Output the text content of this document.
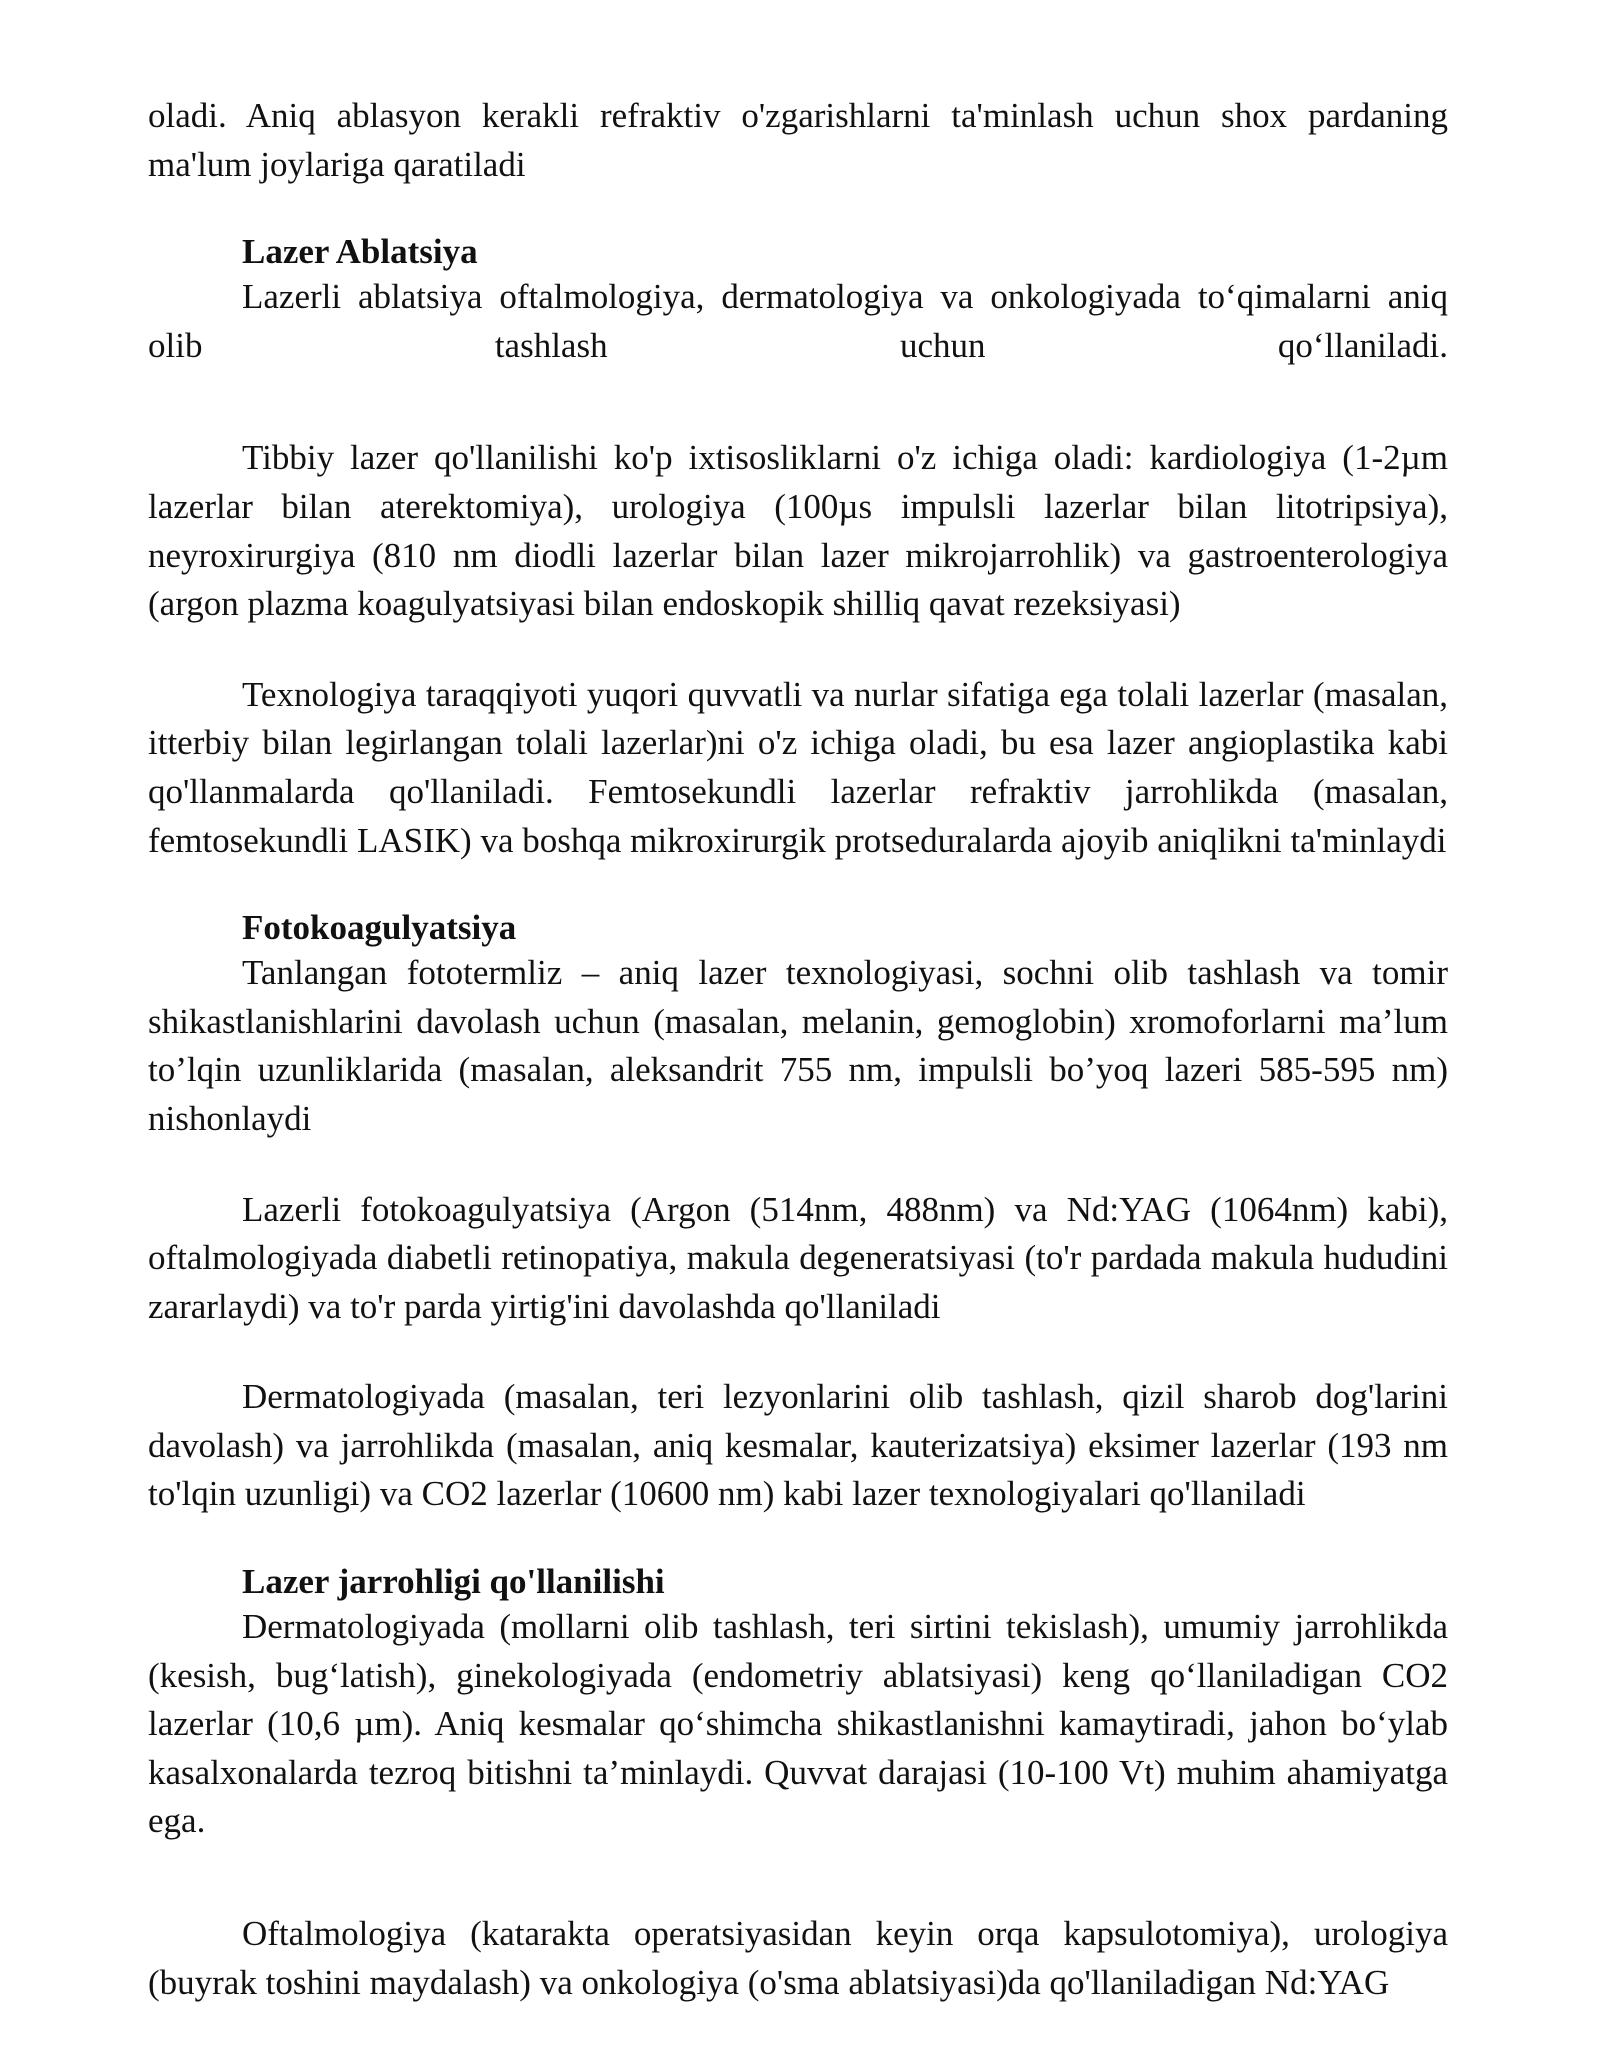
oladi. Aniq ablasyon kerakli refraktiv o'zgarishlarni ta'minlash uchun shox pardaning ma'lum joylariga qaratiladi

Lazer Ablatsiya

Lazerli ablatsiya oftalmologiya, dermatologiya va onkologiyada to‘qimalarni aniq olib tashlash uchun qo‘llaniladi.

Tibbiy lazer qo'llanilishi ko'p ixtisosliklarni o'z ichiga oladi: kardiologiya (1-2µm lazerlar bilan aterektomiya), urologiya (100µs impulsli lazerlar bilan litotripsiya), neyroxirurgiya (810 nm diodli lazerlar bilan lazer mikrojarrohlik) va gastroenterologiya (argon plazma koagulyatsiyasi bilan endoskopik shilliq qavat rezeksiyasi)

Texnologiya taraqqiyoti yuqori quvvatli va nurlar sifatiga ega tolali lazerlar (masalan, itterbiy bilan legirlangan tolali lazerlar)ni o'z ichiga oladi, bu esa lazer angioplastika kabi qo'llanmalarda qo'llaniladi. Femtosekundli lazerlar refraktiv jarrohlikda (masalan, femtosekundli LASIK) va boshqa mikroxirurgik protseduralarda ajoyib aniqlikni ta'minlaydi

Fotokoagulyatsiya

Tanlangan fototermliz – aniq lazer texnologiyasi, sochni olib tashlash va tomir shikastlanishlarini davolash uchun (masalan, melanin, gemoglobin) xromoforlarni ma’lum to’lqin uzunliklarida (masalan, aleksandrit 755 nm, impulsli bo’yoq lazeri 585-595 nm) nishonlaydi

Lazerli fotokoagulyatsiya (Argon (514nm, 488nm) va Nd:YAG (1064nm) kabi), oftalmologiyada diabetli retinopatiya, makula degeneratsiyasi (to'r pardada makula hududini zararlaydi) va to'r parda yirtig'ini davolashda qo'llaniladi

Dermatologiyada (masalan, teri lezyonlarini olib tashlash, qizil sharob dog'larini davolash) va jarrohlikda (masalan, aniq kesmalar, kauterizatsiya) eksimer lazerlar (193 nm to'lqin uzunligi) va CO2 lazerlar (10600 nm) kabi lazer texnologiyalari qo'llaniladi

Lazer jarrohligi qo'llanilishi

Dermatologiyada (mollarni olib tashlash, teri sirtini tekislash), umumiy jarrohlikda (kesish, bug‘latish), ginekologiyada (endometriy ablatsiyasi) keng qo‘llaniladigan CO2 lazerlar (10,6 µm). Aniq kesmalar qo‘shimcha shikastlanishni kamaytiradi, jahon bo‘ylab kasalxonalarda tezroq bitishni ta’minlaydi. Quvvat darajasi (10-100 Vt) muhim ahamiyatga ega.

Oftalmologiya (katarakta operatsiyasidan keyin orqa kapsulotomiya), urologiya (buyrak toshini maydalash) va onkologiya (o'sma ablatsiyasi)da qo'llaniladigan Nd:YAG
